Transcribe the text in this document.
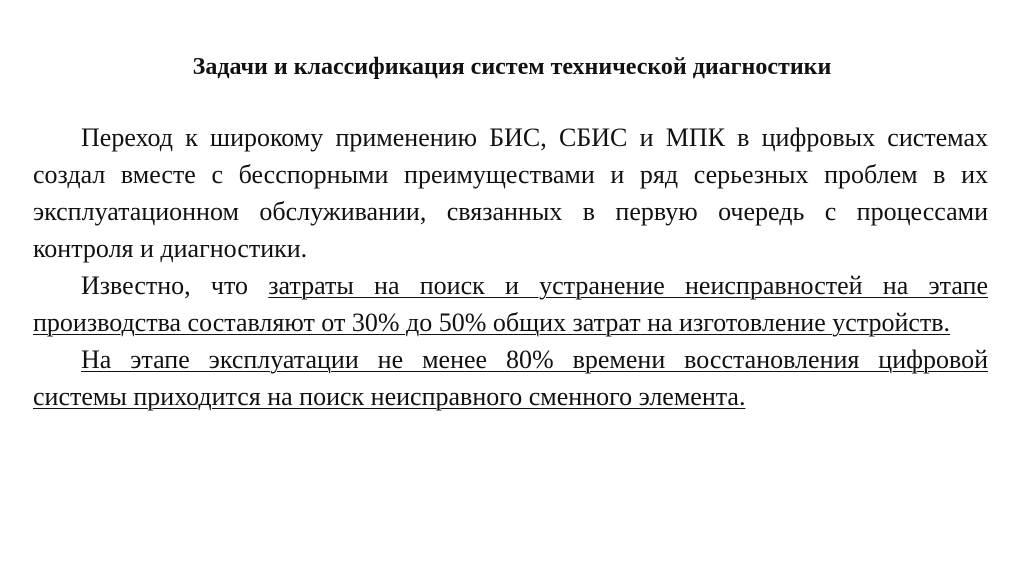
Задачи и классификация систем технической диагностики

Переход к широкому применению БИС, СБИС и МПК в цифровых системах создал вместе с бесспорными преимуществами и ряд серьезных проблем в их эксплуатационном обслуживании, связанных в первую очередь с процессами контроля и диагностики.

Известно, что затраты на поиск и устранение неисправностей на этапе производства составляют от 30% до 50% общих затрат на изготовление устройств.

На этапе эксплуатации не менее 80% времени восстановления цифровой системы приходится на поиск неисправного сменного элемента.
